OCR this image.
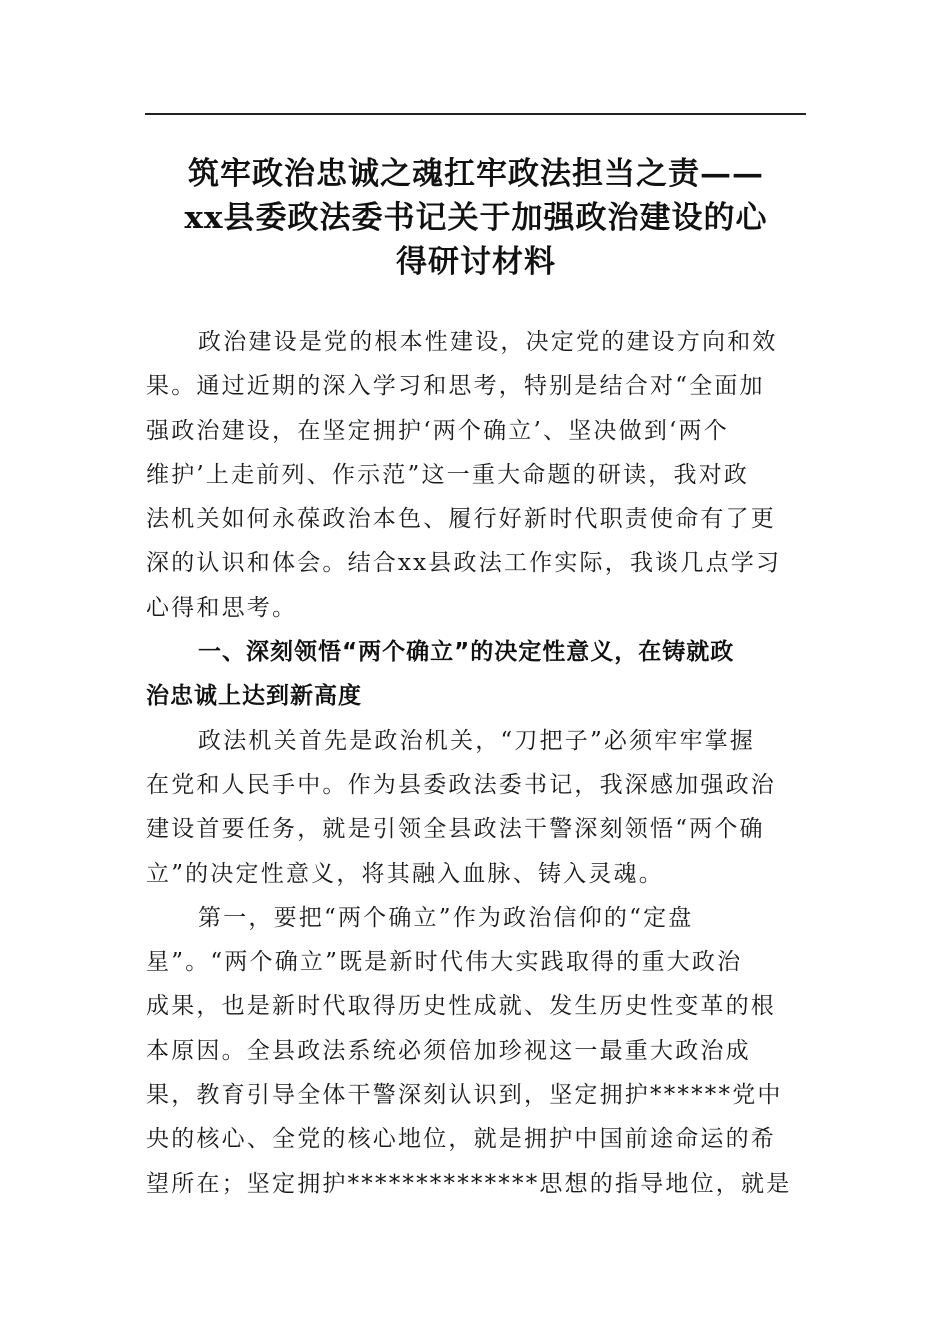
筑牢政治忠诚之魂扛牢政法担当之责——
xx县委政法委书记关于加强政治建设的心
得研讨材料

政治建设是党的根本性建设，决定党的建设方向和效
果。通过近期的深入学习和思考，特别是结合对“全面加
强政治建设，在坚定拥护‘两个确立’、坚决做到‘两个
维护’上走前列、作示范”这一重大命题的研读，我对政
法机关如何永葆政治本色、履行好新时代职责使命有了更
深的认识和体会。结合xx县政法工作实际，我谈几点学习
心得和思考。

一、深刻领悟“两个确立”的决定性意义，在铸就政
治忠诚上达到新高度

政法机关首先是政治机关，“刀把子”必须牢牢掌握
在党和人民手中。作为县委政法委书记，我深感加强政治
建设首要任务，就是引领全县政法干警深刻领悟“两个确
立”的决定性意义，将其融入血脉、铸入灵魂。

第一，要把“两个确立”作为政治信仰的“定盘
星”。“两个确立”既是新时代伟大实践取得的重大政治
成果，也是新时代取得历史性成就、发生历史性变革的根
本原因。全县政法系统必须倍加珍视这一最重大政治成
果，教育引导全体干警深刻认识到，坚定拥护******党中
央的核心、全党的核心地位，就是拥护中国前途命运的希
望所在；坚定拥护**************思想的指导地位，就是
